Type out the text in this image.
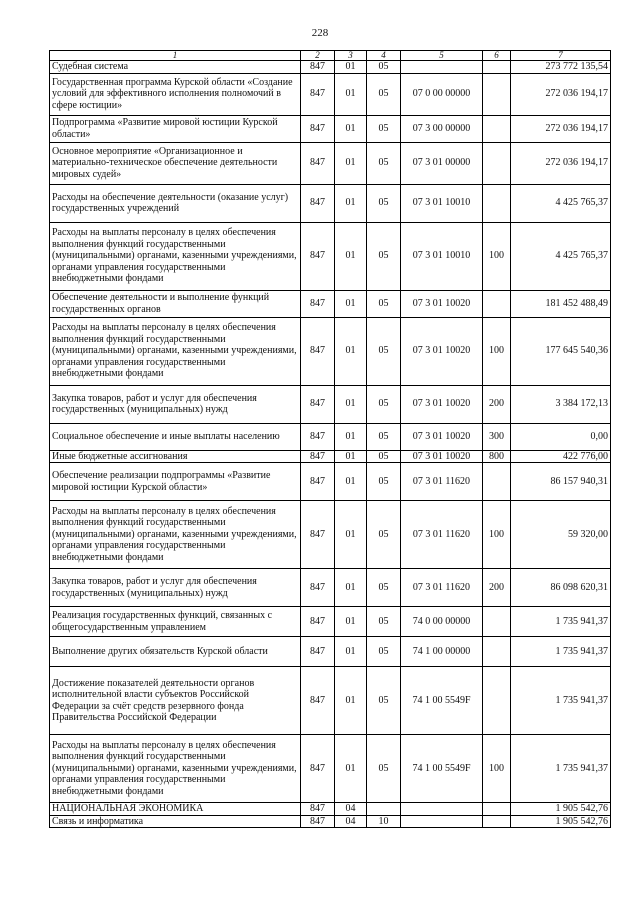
228
1	2	3	4	5	6	7
Судебная система	847	01	05			273 772 135,54
Государственная программа Курской области «Создание условий для эффективного исполнения полномочий в сфере юстиции»	847	01	05	07 0 00 00000		272 036 194,17
Подпрограмма «Развитие мировой юстиции Курской области»	847	01	05	07 3 00 00000		272 036 194,17
Основное мероприятие «Организационное и материально-техническое обеспечение деятельности мировых судей»	847	01	05	07 3 01 00000		272 036 194,17
Расходы на обеспечение деятельности (оказание услуг) государственных учреждений	847	01	05	07 3 01 10010		4 425 765,37
Расходы на выплаты персоналу в целях обеспечения выполнения функций государственными (муниципальными) органами, казенными учреждениями, органами управления государственными внебюджетными фондами	847	01	05	07 3 01 10010	100	4 425 765,37
Обеспечение деятельности и выполнение функций государственных органов	847	01	05	07 3 01 10020		181 452 488,49
Расходы на выплаты персоналу в целях обеспечения выполнения функций государственными (муниципальными) органами, казенными учреждениями, органами управления государственными внебюджетными фондами	847	01	05	07 3 01 10020	100	177 645 540,36
Закупка товаров, работ и услуг для обеспечения государственных (муниципальных) нужд	847	01	05	07 3 01 10020	200	3 384 172,13
Социальное обеспечение и иные выплаты населению	847	01	05	07 3 01 10020	300	0,00
Иные бюджетные ассигнования	847	01	05	07 3 01 10020	800	422 776,00
Обеспечение реализации подпрограммы «Развитие мировой юстиции Курской области»	847	01	05	07 3 01 11620		86 157 940,31
Расходы на выплаты персоналу в целях обеспечения выполнения функций государственными (муниципальными) органами, казенными учреждениями, органами управления государственными внебюджетными фондами	847	01	05	07 3 01 11620	100	59 320,00
Закупка товаров, работ и услуг для обеспечения государственных (муниципальных) нужд	847	01	05	07 3 01 11620	200	86 098 620,31
Реализация государственных функций, связанных с общегосударственным управлением	847	01	05	74 0 00 00000		1 735 941,37
Выполнение других обязательств Курской области	847	01	05	74 1 00 00000		1 735 941,37
Достижение показателей деятельности органов исполнительной власти субъектов Российской Федерации за счёт средств резервного фонда Правительства Российской Федерации	847	01	05	74 1 00 5549F		1 735 941,37
Расходы на выплаты персоналу в целях обеспечения выполнения функций государственными (муниципальными) органами, казенными учреждениями, органами управления государственными внебюджетными фондами	847	01	05	74 1 00 5549F	100	1 735 941,37
НАЦИОНАЛЬНАЯ ЭКОНОМИКА	847	04				1 905 542,76
Связь и информатика	847	04	10			1 905 542,76
